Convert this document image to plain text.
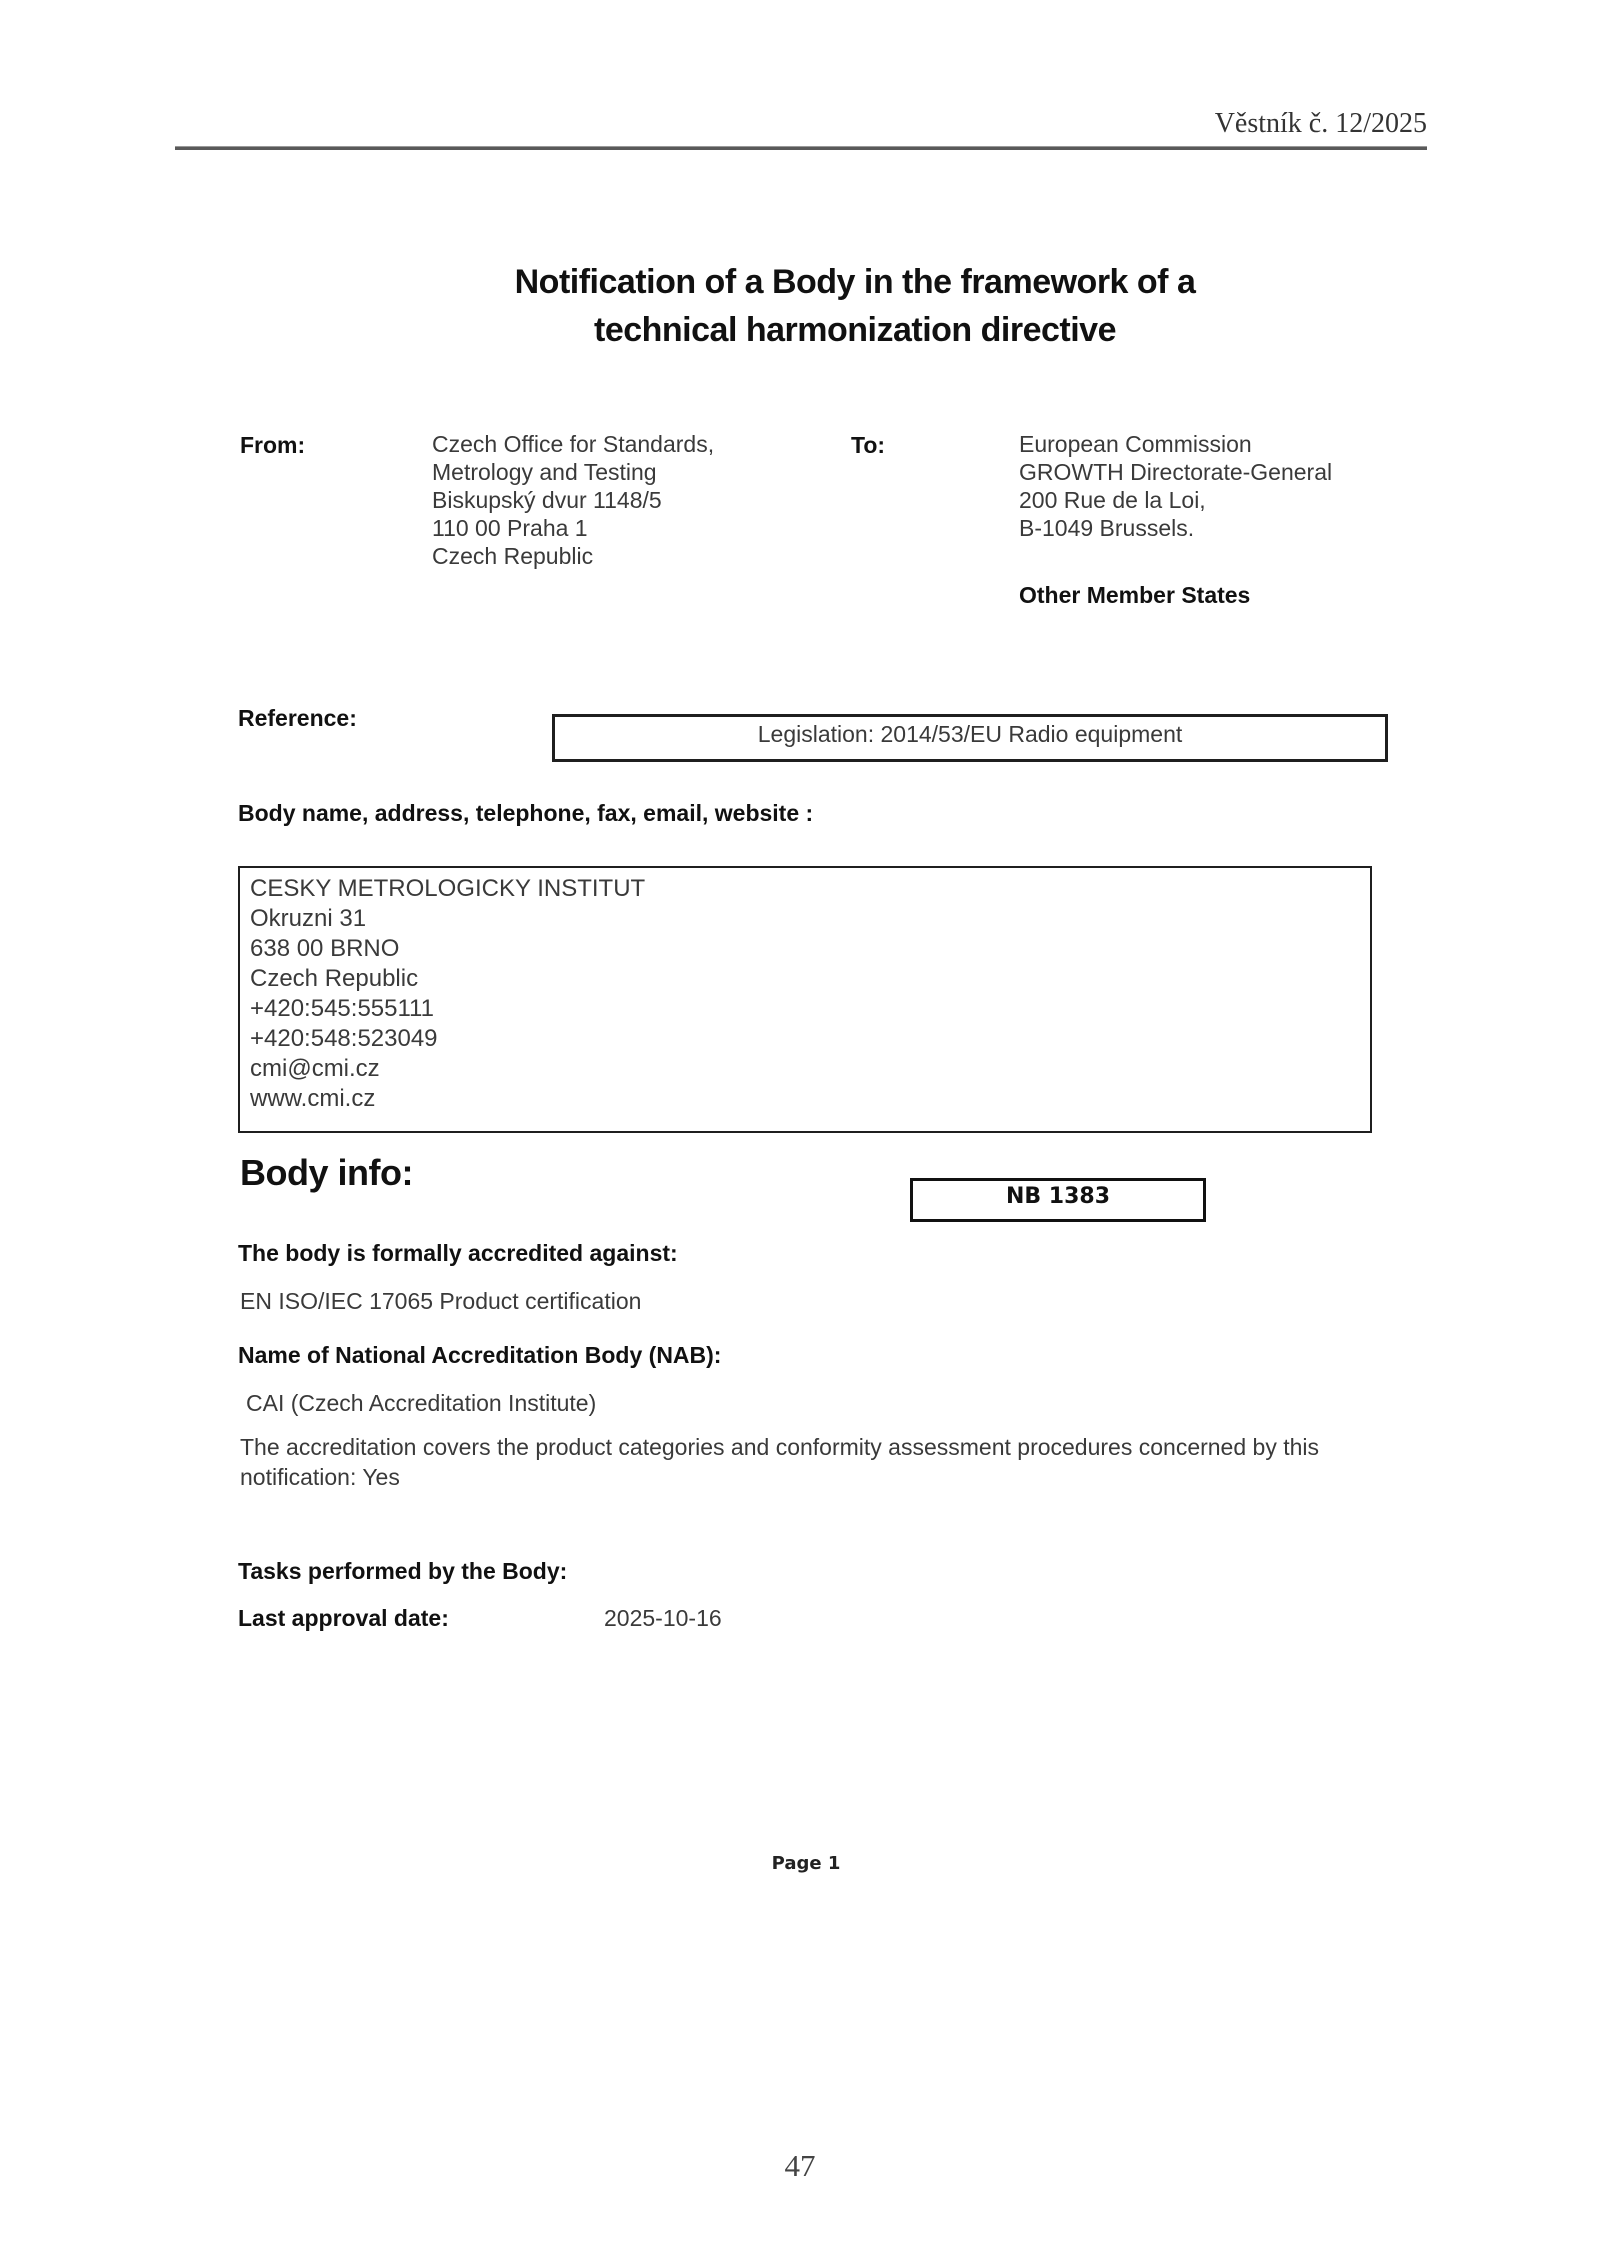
Věstník č. 12/2025
Notification of a Body in the framework of a
technical harmonization directive
From:	Czech Office for Standards,
Metrology and Testing
Biskupský dvur 1148/5
110 00 Praha 1
Czech Republic
To:	European Commission
GROWTH Directorate-General
200 Rue de la Loi,
B-1049 Brussels.
Other Member States
Reference:
Legislation: 2014/53/EU Radio equipment
Body name, address, telephone, fax, email, website :
CESKY METROLOGICKY INSTITUT
Okruzni 31
638 00 BRNO
Czech Republic
+420:545:555111
+420:548:523049
cmi@cmi.cz
www.cmi.cz
Body info:
NB 1383
The body is formally accredited against:
EN ISO/IEC 17065 Product certification
Name of National Accreditation Body (NAB):
CAI (Czech Accreditation Institute)
The accreditation covers the product categories and conformity assessment procedures concerned by this notification: Yes
Tasks performed by the Body:
Last approval date:	2025-10-16
Page 1
47
